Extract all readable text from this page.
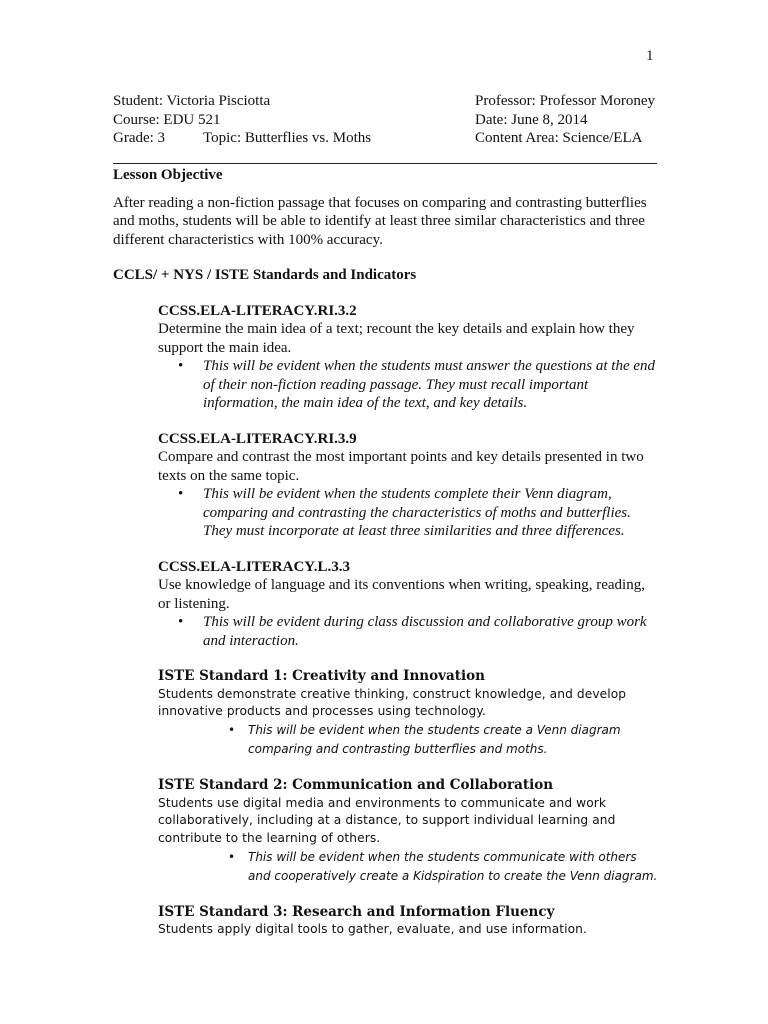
1
Student: Victoria Pisciotta	Professor: Professor Moroney
Course: EDU 521	Date: June 8, 2014
Grade: 3	Topic: Butterflies vs. Moths	Content Area: Science/ELA

Lesson Objective

After reading a non-fiction passage that focuses on comparing and contrasting butterflies and moths, students will be able to identify at least three similar characteristics and three different characteristics with 100% accuracy.

CCLS/ + NYS / ISTE Standards and Indicators

CCSS.ELA-LITERACY.RI.3.2

Determine the main idea of a text; recount the key details and explain how they support the main idea.

• This will be evident when the students must answer the questions at the end of their non-fiction reading passage. They must recall important information, the main idea of the text, and key details.
CCSS.ELA-LITERACY.RI.3.9

Compare and contrast the most important points and key details presented in two texts on the same topic.

• This will be evident when the students complete their Venn diagram, comparing and contrasting the characteristics of moths and butterflies. They must incorporate at least three similarities and three differences.
CCSS.ELA-LITERACY.L.3.3

Use knowledge of language and its conventions when writing, speaking, reading, or listening.

• This will be evident during class discussion and collaborative group work and interaction.
ISTE Standard 1: Creativity and Innovation
Students demonstrate creative thinking, construct knowledge, and develop innovative products and processes using technology.
• This will be evident when the students create a Venn diagram comparing and contrasting butterflies and moths.
ISTE Standard 2: Communication and Collaboration
Students use digital media and environments to communicate and work collaboratively, including at a distance, to support individual learning and contribute to the learning of others.
• This will be evident when the students communicate with others and cooperatively create a Kidspiration to create the Venn diagram.
ISTE Standard 3: Research and Information Fluency
Students apply digital tools to gather, evaluate, and use information.
